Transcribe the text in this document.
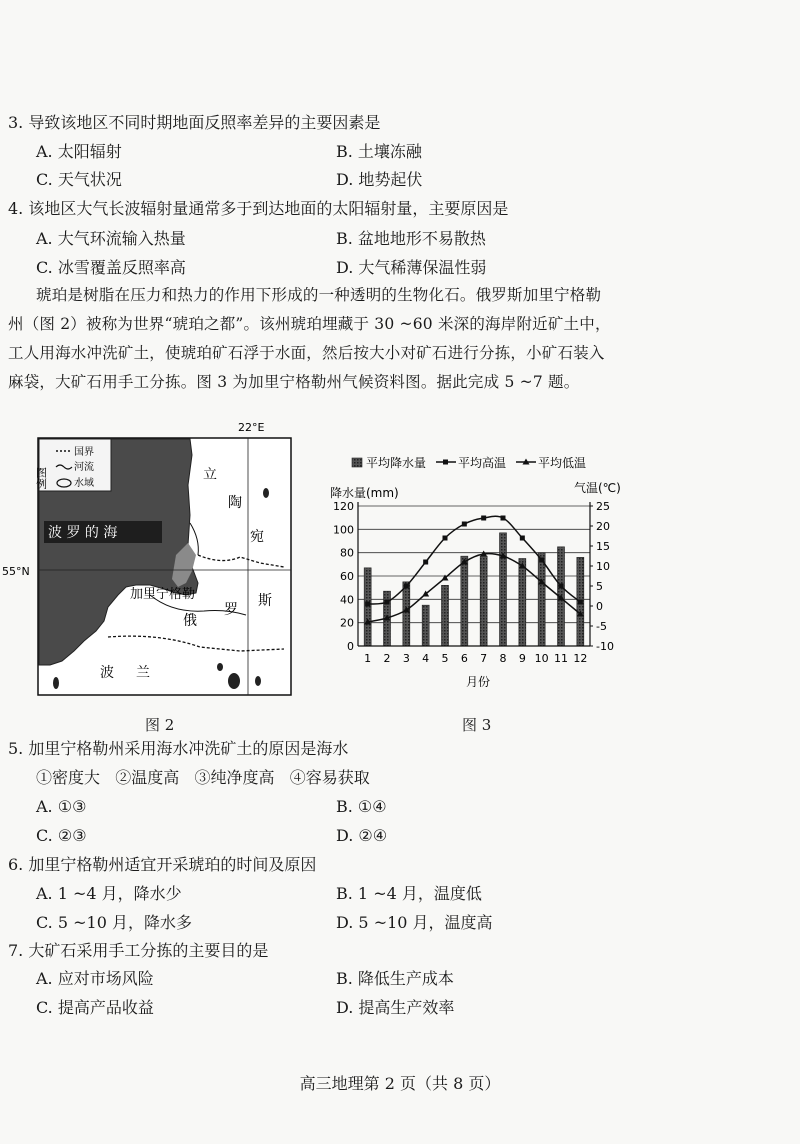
3. 导致该地区不同时期地面反照率差异的主要因素是
A. 太阳辐射	B. 土壤冻融
C. 天气状况	D. 地势起伏
4. 该地区大气长波辐射量通常多于到达地面的太阳辐射量，主要原因是
A. 大气环流输入热量	B. 盆地地形不易散热
C. 冰雪覆盖反照率高	D. 大气稀薄保温性弱
琥珀是树脂在压力和热力的作用下形成的一种透明的生物化石。俄罗斯加里宁格勒
州（图 2）被称为世界“琥珀之都”。该州琥珀埋藏于 30 ~60 米深的海岸附近矿土中，
工人用海水冲洗矿土，使琥珀矿石浮于水面，然后按大小对矿石进行分拣，小矿石装入
麻袋，大矿石用手工分拣。图 3 为加里宁格勒州气候资料图。据此完成 5 ~7 题。
图例
国界
河流
水域
22°E
55°N
立
陶
宛
波 罗 的 海
加里宁格勒
俄
罗
斯
波 兰
图 2
平均降水量	平均高温	平均低温
降水量(mm)	气温(℃)
0
20
40
60
80
100
120
-10
-5
0
5
10
15
20
25
1 2 3 4 5 6 7 8 9 10 11 12
月份
图 3
5. 加里宁格勒州采用海水冲洗矿土的原因是海水
①密度大   ②温度高   ③纯净度高   ④容易获取
A. ①③	B. ①④
C. ②③	D. ②④
6. 加里宁格勒州适宜开采琥珀的时间及原因
A. 1 ~4 月，降水少	B. 1 ~4 月，温度低
C. 5 ~10 月，降水多	D. 5 ~10 月，温度高
7. 大矿石采用手工分拣的主要目的是
A. 应对市场风险	B. 降低生产成本
C. 提高产品收益	D. 提高生产效率
高三地理第 2 页（共 8 页）
